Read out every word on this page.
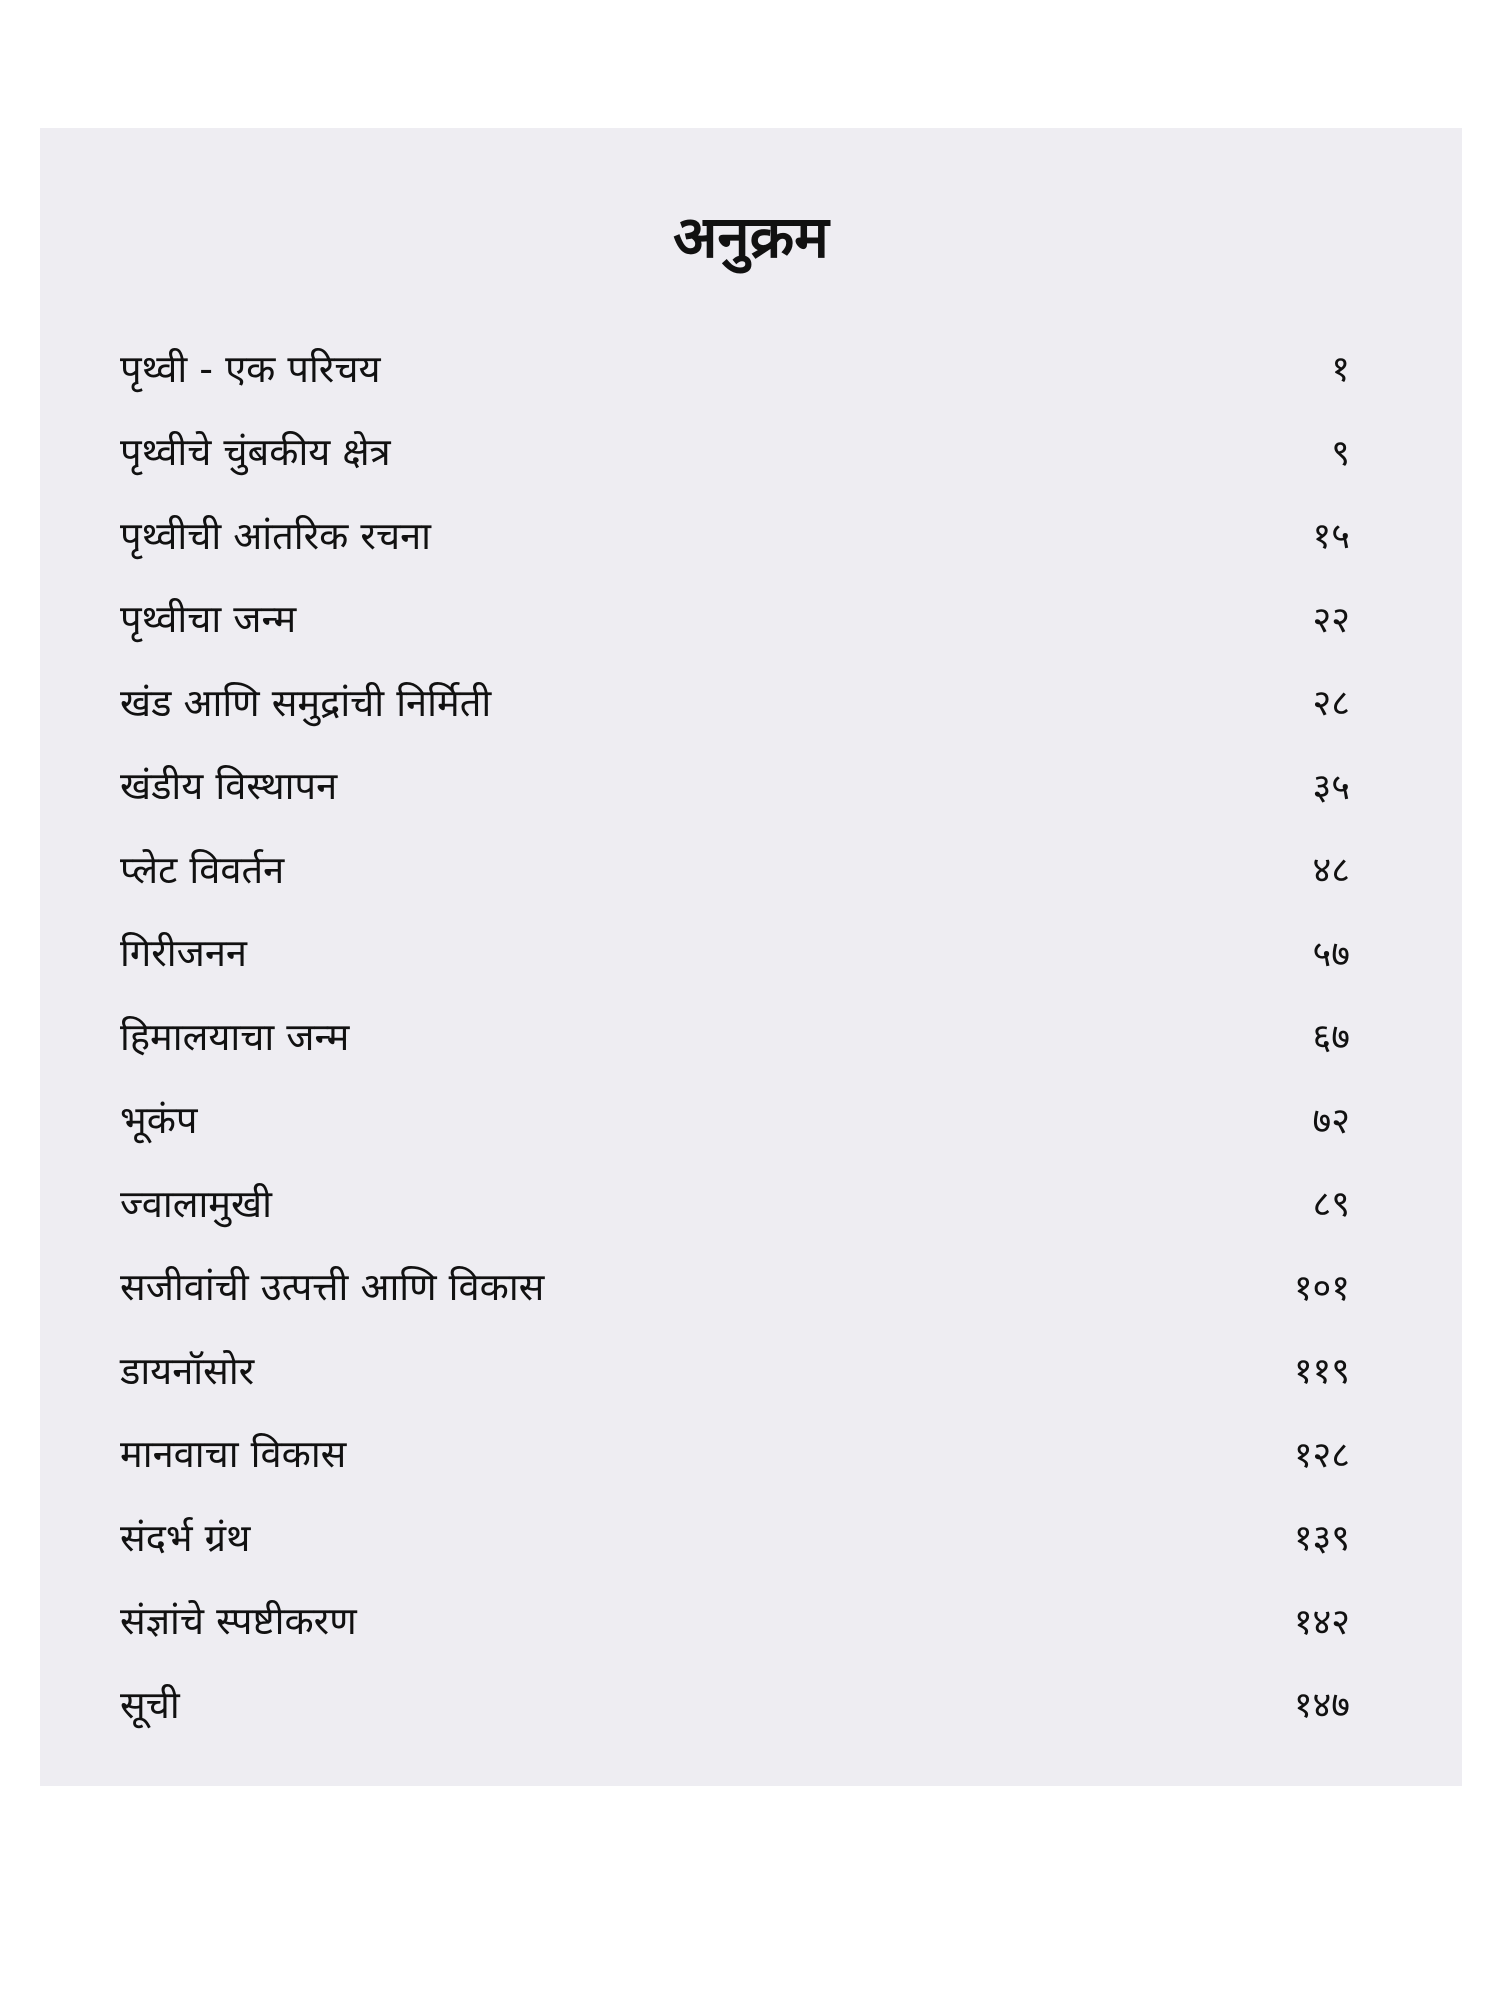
अनुक्रम
पृथ्वी - एक परिचय	१
पृथ्वीचे चुंबकीय क्षेत्र	९
पृथ्वीची आंतरिक रचना	१५
पृथ्वीचा जन्म	२२
खंड आणि समुद्रांची निर्मिती	२८
खंडीय विस्थापन	३५
प्लेट विवर्तन	४८
गिरीजनन	५७
हिमालयाचा जन्म	६७
भूकंप	७२
ज्वालामुखी	८९
सजीवांची उत्पत्ती आणि विकास	१०१
डायनॉसोर	११९
मानवाचा विकास	१२८
संदर्भ ग्रंथ	१३९
संज्ञांचे स्पष्टीकरण	१४२
सूची	१४७
